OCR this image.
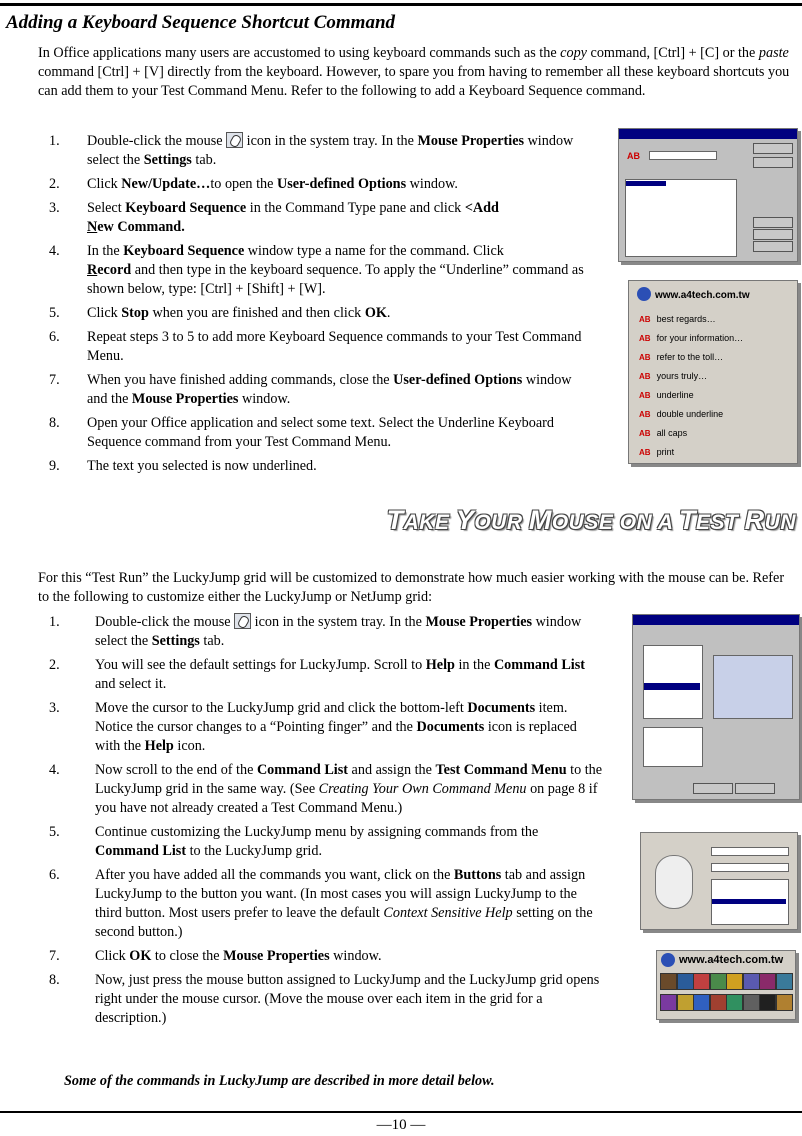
Adding a Keyboard Sequence Shortcut Command
In Office applications many users are accustomed to using keyboard commands such as the copy command, [Ctrl] + [C] or the paste command [Ctrl] + [V] directly from the keyboard. However, to spare you from having to remember all these keyboard shortcuts you can add them to your Test Command Menu. Refer to the following to add a Keyboard Sequence command.
1. Double-click the mouse  icon in the system tray. In the Mouse Properties window select the Settings tab.
2. Click New/Update…to open the User-defined Options window.
3. Select Keyboard Sequence in the Command Type pane and click <Add
New Command.
4. In the Keyboard Sequence window type a name for the command. Click
Record and then type in the keyboard sequence. To apply the “Underline” command as shown below, type: [Ctrl] + [Shift] + [W].
5. Click Stop when you are finished and then click OK.
6. Repeat steps 3 to 5 to add more Keyboard Sequence commands to your Test Command Menu.
7. When you have finished adding commands, close the User-defined Options window and the Mouse Properties window.
8. Open your Office application and select some text. Select the Underline Keyboard Sequence command from your Test Command Menu.
9. The text you selected is now underlined.
AB
www.a4tech.com.tw
AB best regards…
AB for your information…
AB refer to the toll…
AB yours truly…
AB underline
AB double underline
AB all caps
AB print
TAKE YOUR MOUSE ON A TEST RUN
For this “Test Run” the LuckyJump grid will be customized to demonstrate how much easier working with the mouse can be. Refer to the following to customize either the LuckyJump or NetJump grid:
1. Double-click the mouse  icon in the system tray. In the Mouse Properties window select the Settings tab.
2. You will see the default settings for LuckyJump. Scroll to Help in the Command List and select it.
3. Move the cursor to the LuckyJump grid and click the bottom-left Documents item. Notice the cursor changes to a “Pointing finger” and the Documents icon is replaced with the Help icon.
4. Now scroll to the end of the Command List and assign the Test Command Menu to the LuckyJump grid in the same way. (See Creating Your Own Command Menu on page 8 if you have not already created a Test Command Menu.)
5. Continue customizing the LuckyJump menu by assigning commands from the Command List to the LuckyJump grid.
6. After you have added all the commands you want, click on the Buttons tab and assign LuckyJump to the button you want. (In most cases you will assign LuckyJump to the third button. Most users prefer to leave the default Context Sensitive Help setting on the second button.)
7. Click OK to close the Mouse Properties window.
8. Now, just press the mouse button assigned to LuckyJump and the LuckyJump grid opens right under the mouse cursor. (Move the mouse over each item in the grid for a description.)
www.a4tech.com.tw
Some of the commands in LuckyJump are described in more detail below.
—10 —
